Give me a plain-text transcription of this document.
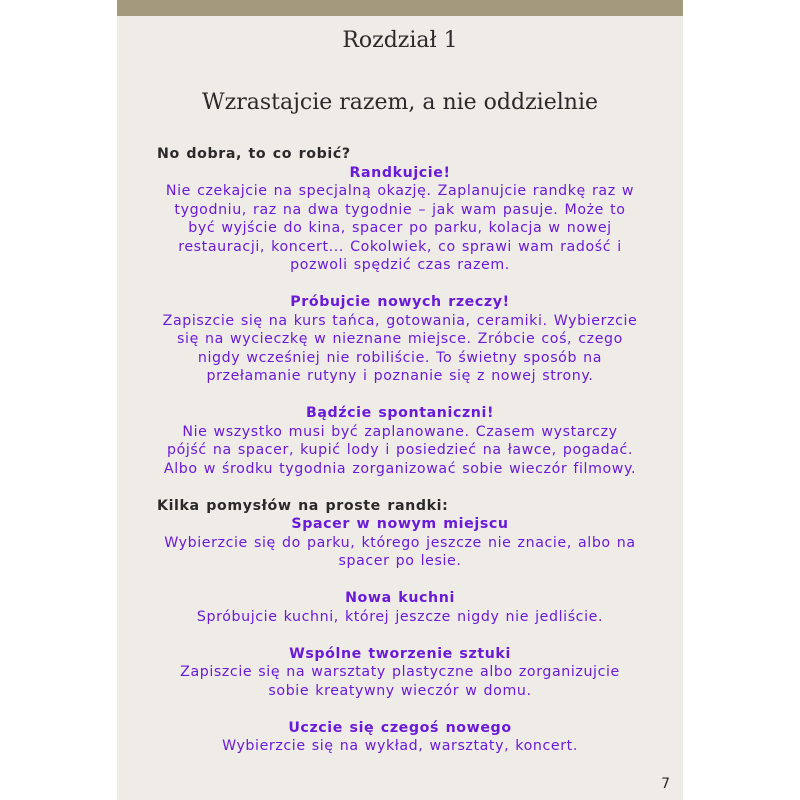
Rozdział 1
Wzrastajcie razem, a nie oddzielnie
No dobra, to co robić?
Randkujcie!
Nie czekajcie na specjalną okazję. Zaplanujcie randkę raz w
tygodniu, raz na dwa tygodnie – jak wam pasuje. Może to
być wyjście do kina, spacer po parku, kolacja w nowej
restauracji, koncert... Cokolwiek, co sprawi wam radość i
pozwoli spędzić czas razem.
Próbujcie nowych rzeczy!
Zapiszcie się na kurs tańca, gotowania, ceramiki. Wybierzcie
się na wycieczkę w nieznane miejsce. Zróbcie coś, czego
nigdy wcześniej nie robiliście. To świetny sposób na
przełamanie rutyny i poznanie się z nowej strony.
Bądźcie spontaniczni!
Nie wszystko musi być zaplanowane. Czasem wystarczy
pójść na spacer, kupić lody i posiedzieć na ławce, pogadać.
Albo w środku tygodnia zorganizować sobie wieczór filmowy.
Kilka pomysłów na proste randki:
Spacer w nowym miejscu
Wybierzcie się do parku, którego jeszcze nie znacie, albo na
spacer po lesie.
Nowa kuchni
Spróbujcie kuchni, której jeszcze nigdy nie jedliście.
Wspólne tworzenie sztuki
Zapiszcie się na warsztaty plastyczne albo zorganizujcie
sobie kreatywny wieczór w domu.
Uczcie się czegoś nowego
Wybierzcie się na wykład, warsztaty, koncert.
7
